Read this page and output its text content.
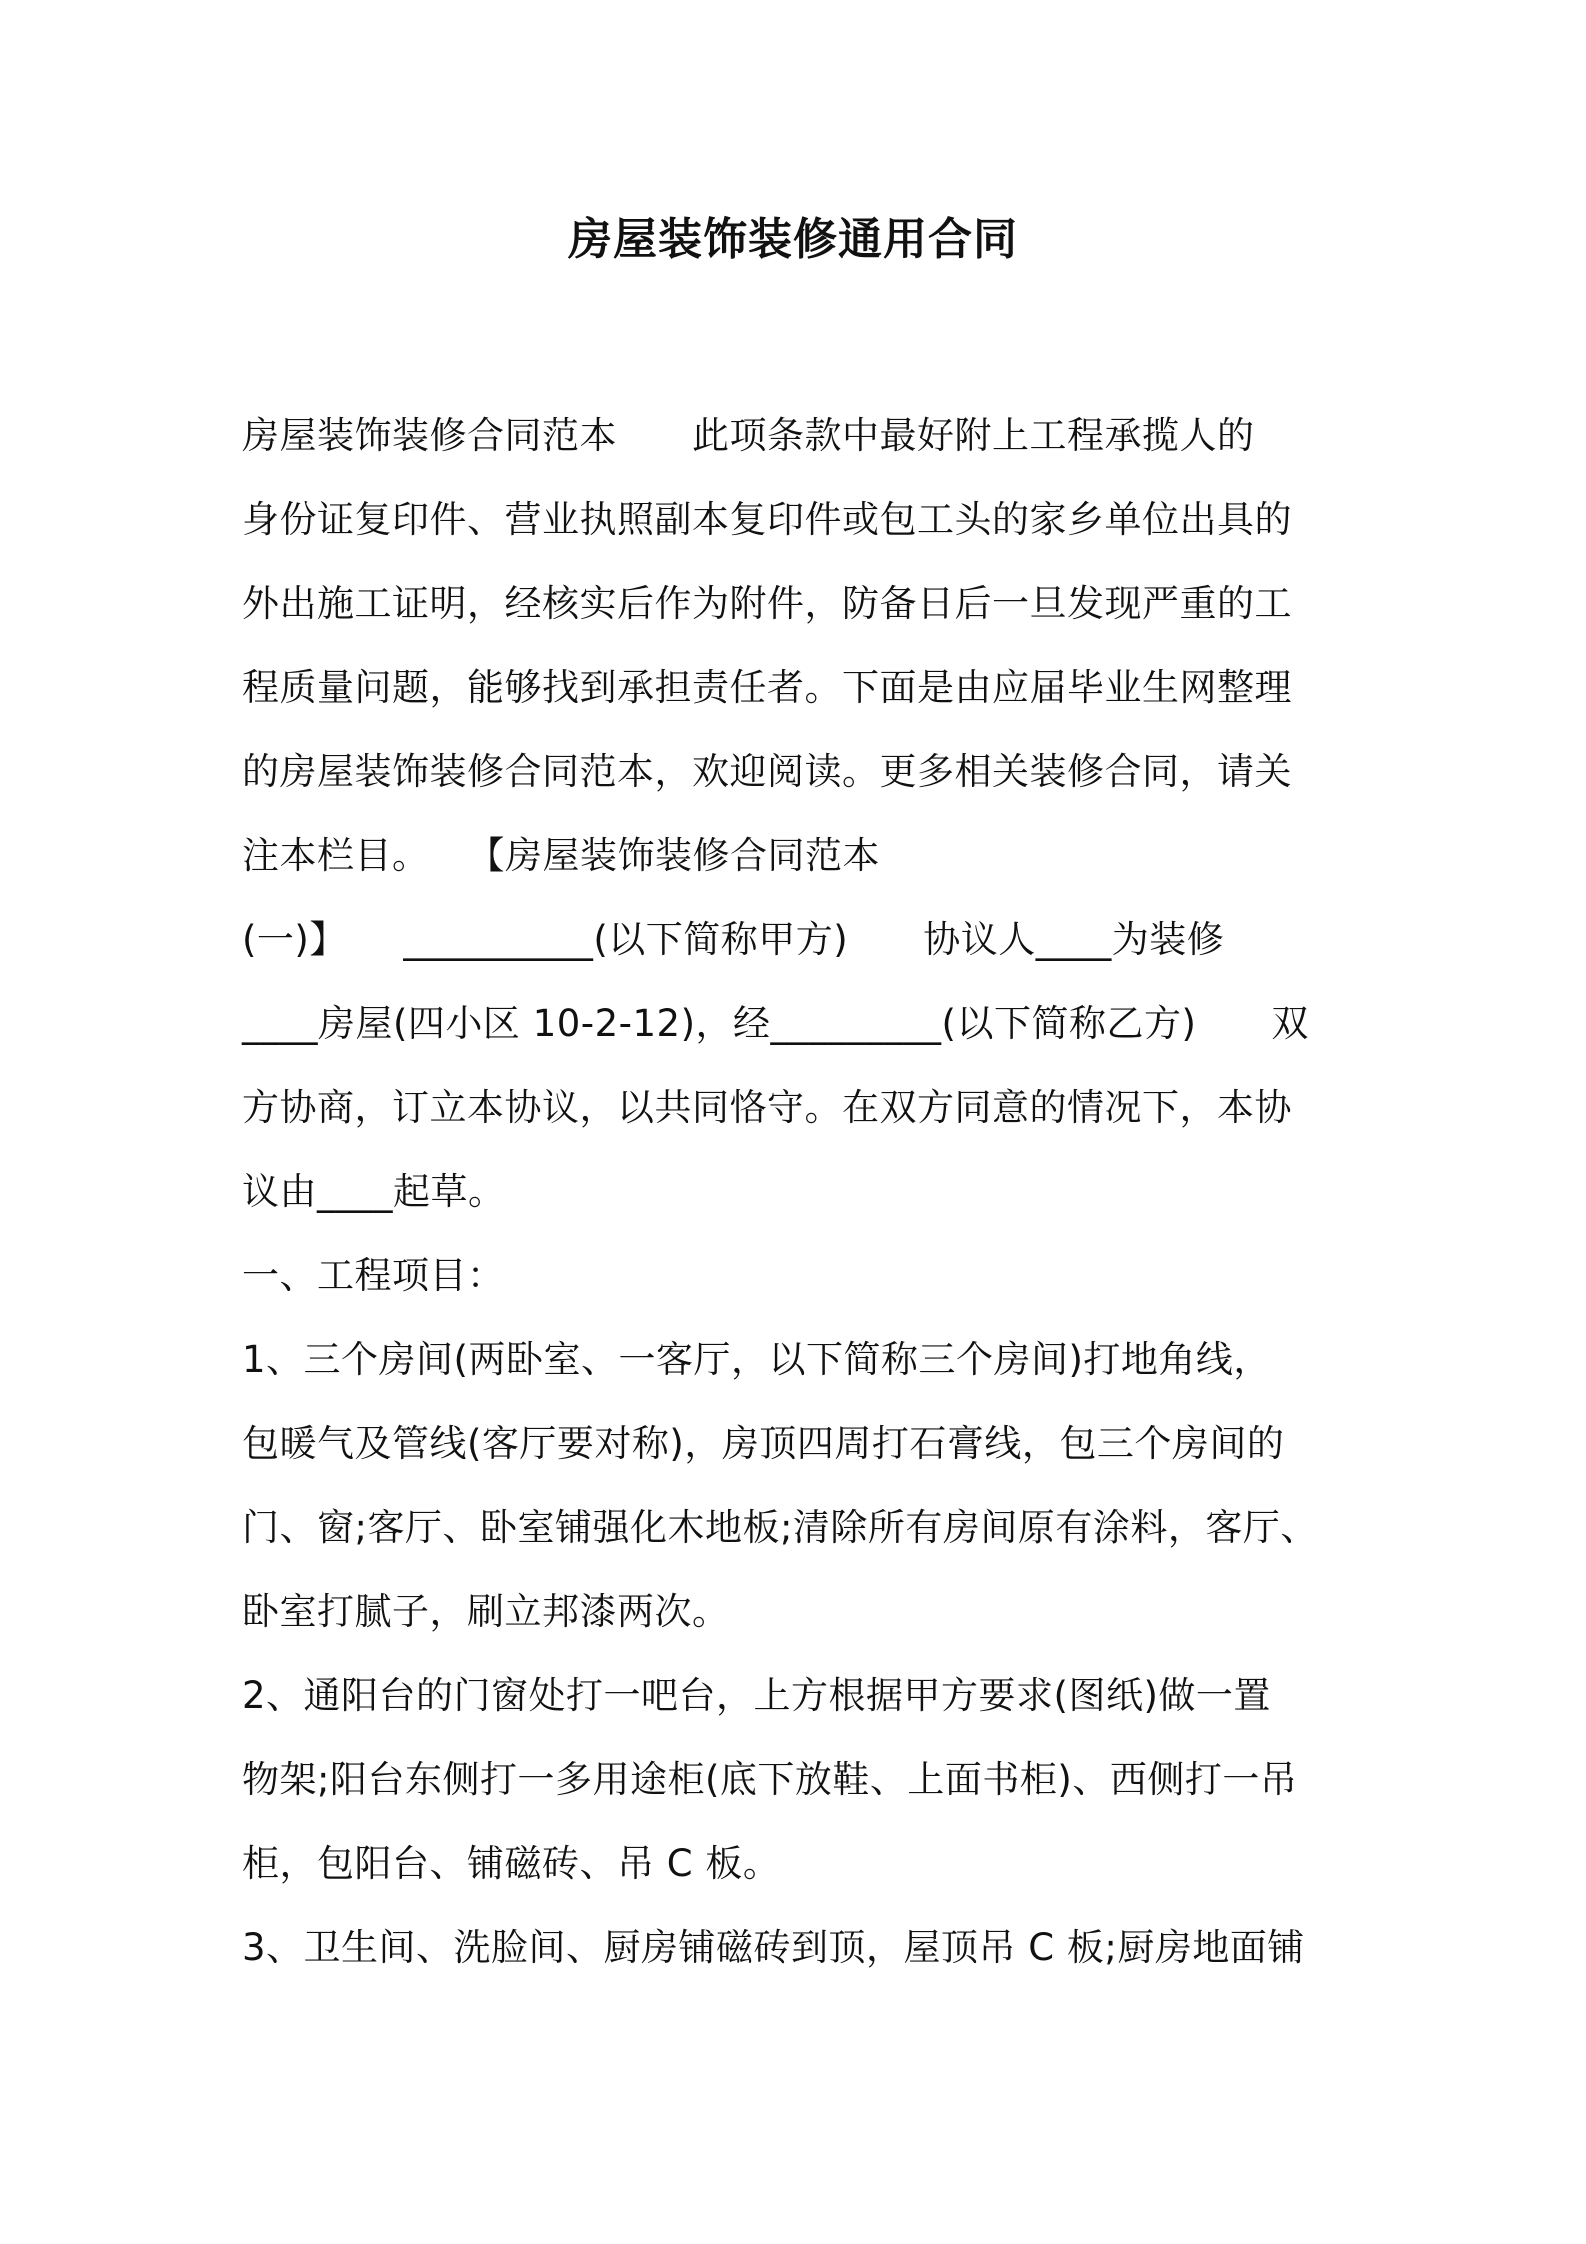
房屋装饰装修通用合同
房屋装饰装修合同范本　　此项条款中最好附上工程承揽人的
身份证复印件、营业执照副本复印件或包工头的家乡单位出具的
外出施工证明，经核实后作为附件，防备日后一旦发现严重的工
程质量问题，能够找到承担责任者。下面是由应届毕业生网整理
的房屋装饰装修合同范本，欢迎阅读。更多相关装修合同，请关
注本栏目。　　【房屋装饰装修合同范本
(一)】　　__________(以下简称甲方)　　协议人____为装修
____房屋(四小区 10-2-12)，经_________(以下简称乙方)　　双
方协商，订立本协议，以共同恪守。在双方同意的情况下，本协
议由____起草。
一、工程项目：
1、三个房间(两卧室、一客厅，以下简称三个房间)打地角线，
包暖气及管线(客厅要对称)，房顶四周打石膏线，包三个房间的
门、窗;客厅、卧室铺强化木地板;清除所有房间原有涂料，客厅、
卧室打腻子，刷立邦漆两次。
2、通阳台的门窗处打一吧台，上方根据甲方要求(图纸)做一置
物架;阳台东侧打一多用途柜(底下放鞋、上面书柜)、西侧打一吊
柜，包阳台、铺磁砖、吊 C 板。
3、卫生间、洗脸间、厨房铺磁砖到顶，屋顶吊 C 板;厨房地面铺
